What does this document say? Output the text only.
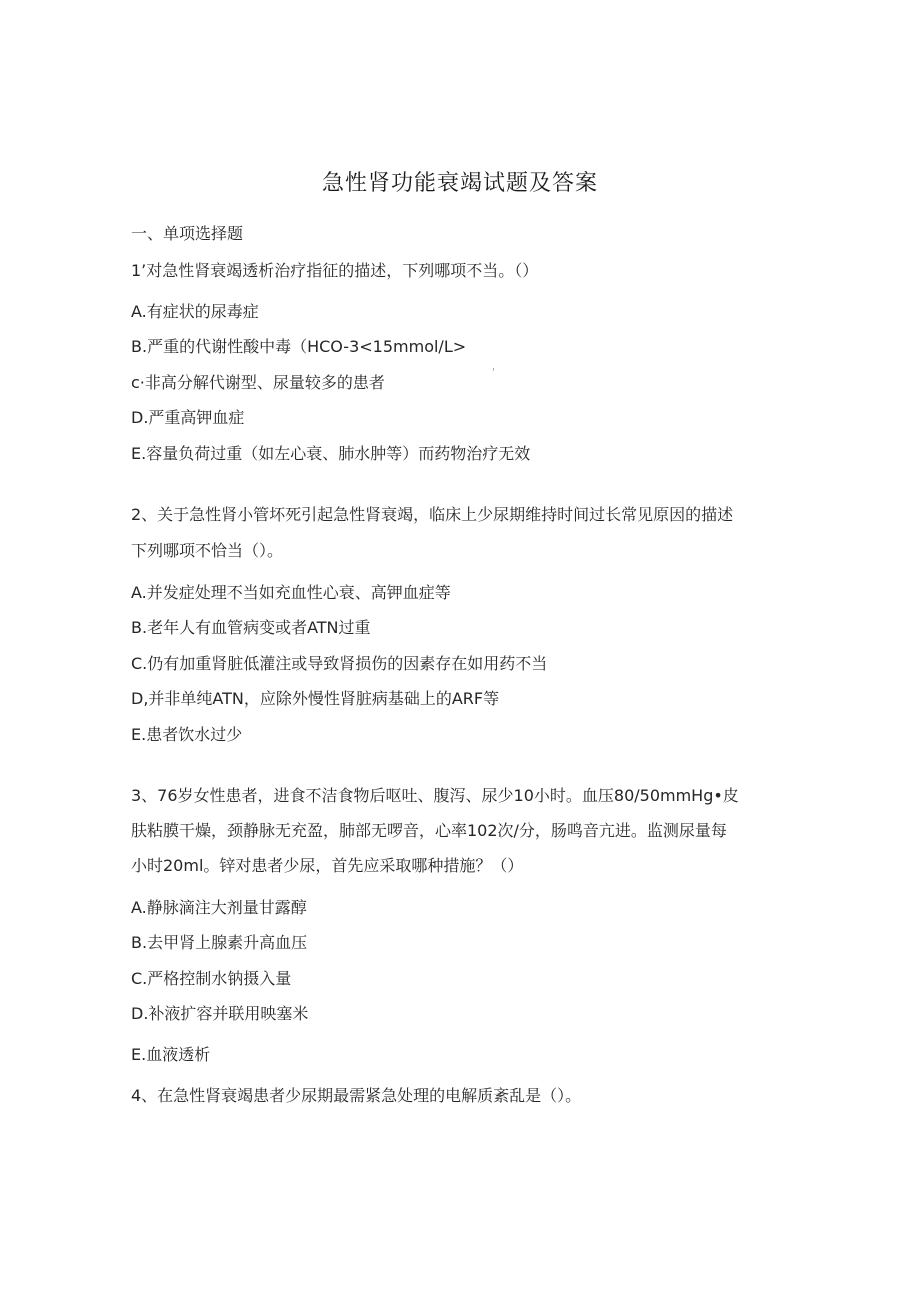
急性肾功能衰竭试题及答案
一、单项选择题
1’对急性肾衰竭透析治疗指征的描述，下列哪项不当。（）
A.有症状的尿毒症
B.严重的代谢性酸中毒（HCO-3<15mmol∕L>
c·非高分解代谢型、尿量较多的患者
'
D.严重高钾血症
E.容量负荷过重（如左心衰、肺水肿等）而药物治疗无效
2、关于急性肾小管坏死引起急性肾衰竭，临床上少尿期维持时间过长常见原因的描述
下列哪项不恰当（）。
A.并发症处理不当如充血性心衰、高钾血症等
B.老年人有血管病变或者ATN过重
C.仍有加重肾脏低灌注或导致肾损伤的因素存在如用药不当
D,并非单纯ATN，应除外慢性肾脏病基础上的ARF等
E.患者饮水过少
3、76岁女性患者，进食不洁食物后呕吐、腹泻、尿少10小时。血压80∕50mmHg•皮
肤粘膜干燥，颈静脉无充盈，肺部无啰音，心率102次/分，肠鸣音亢进。监测尿量每
小时20ml。锌对患者少尿，首先应采取哪种措施？（）
A.静脉滴注大剂量甘露醇
B.去甲肾上腺素升高血压
C.严格控制水钠摄入量
D.补液扩容并联用映塞米
E.血液透析
4、在急性肾衰竭患者少尿期最需紧急处理的电解质紊乱是（）。
